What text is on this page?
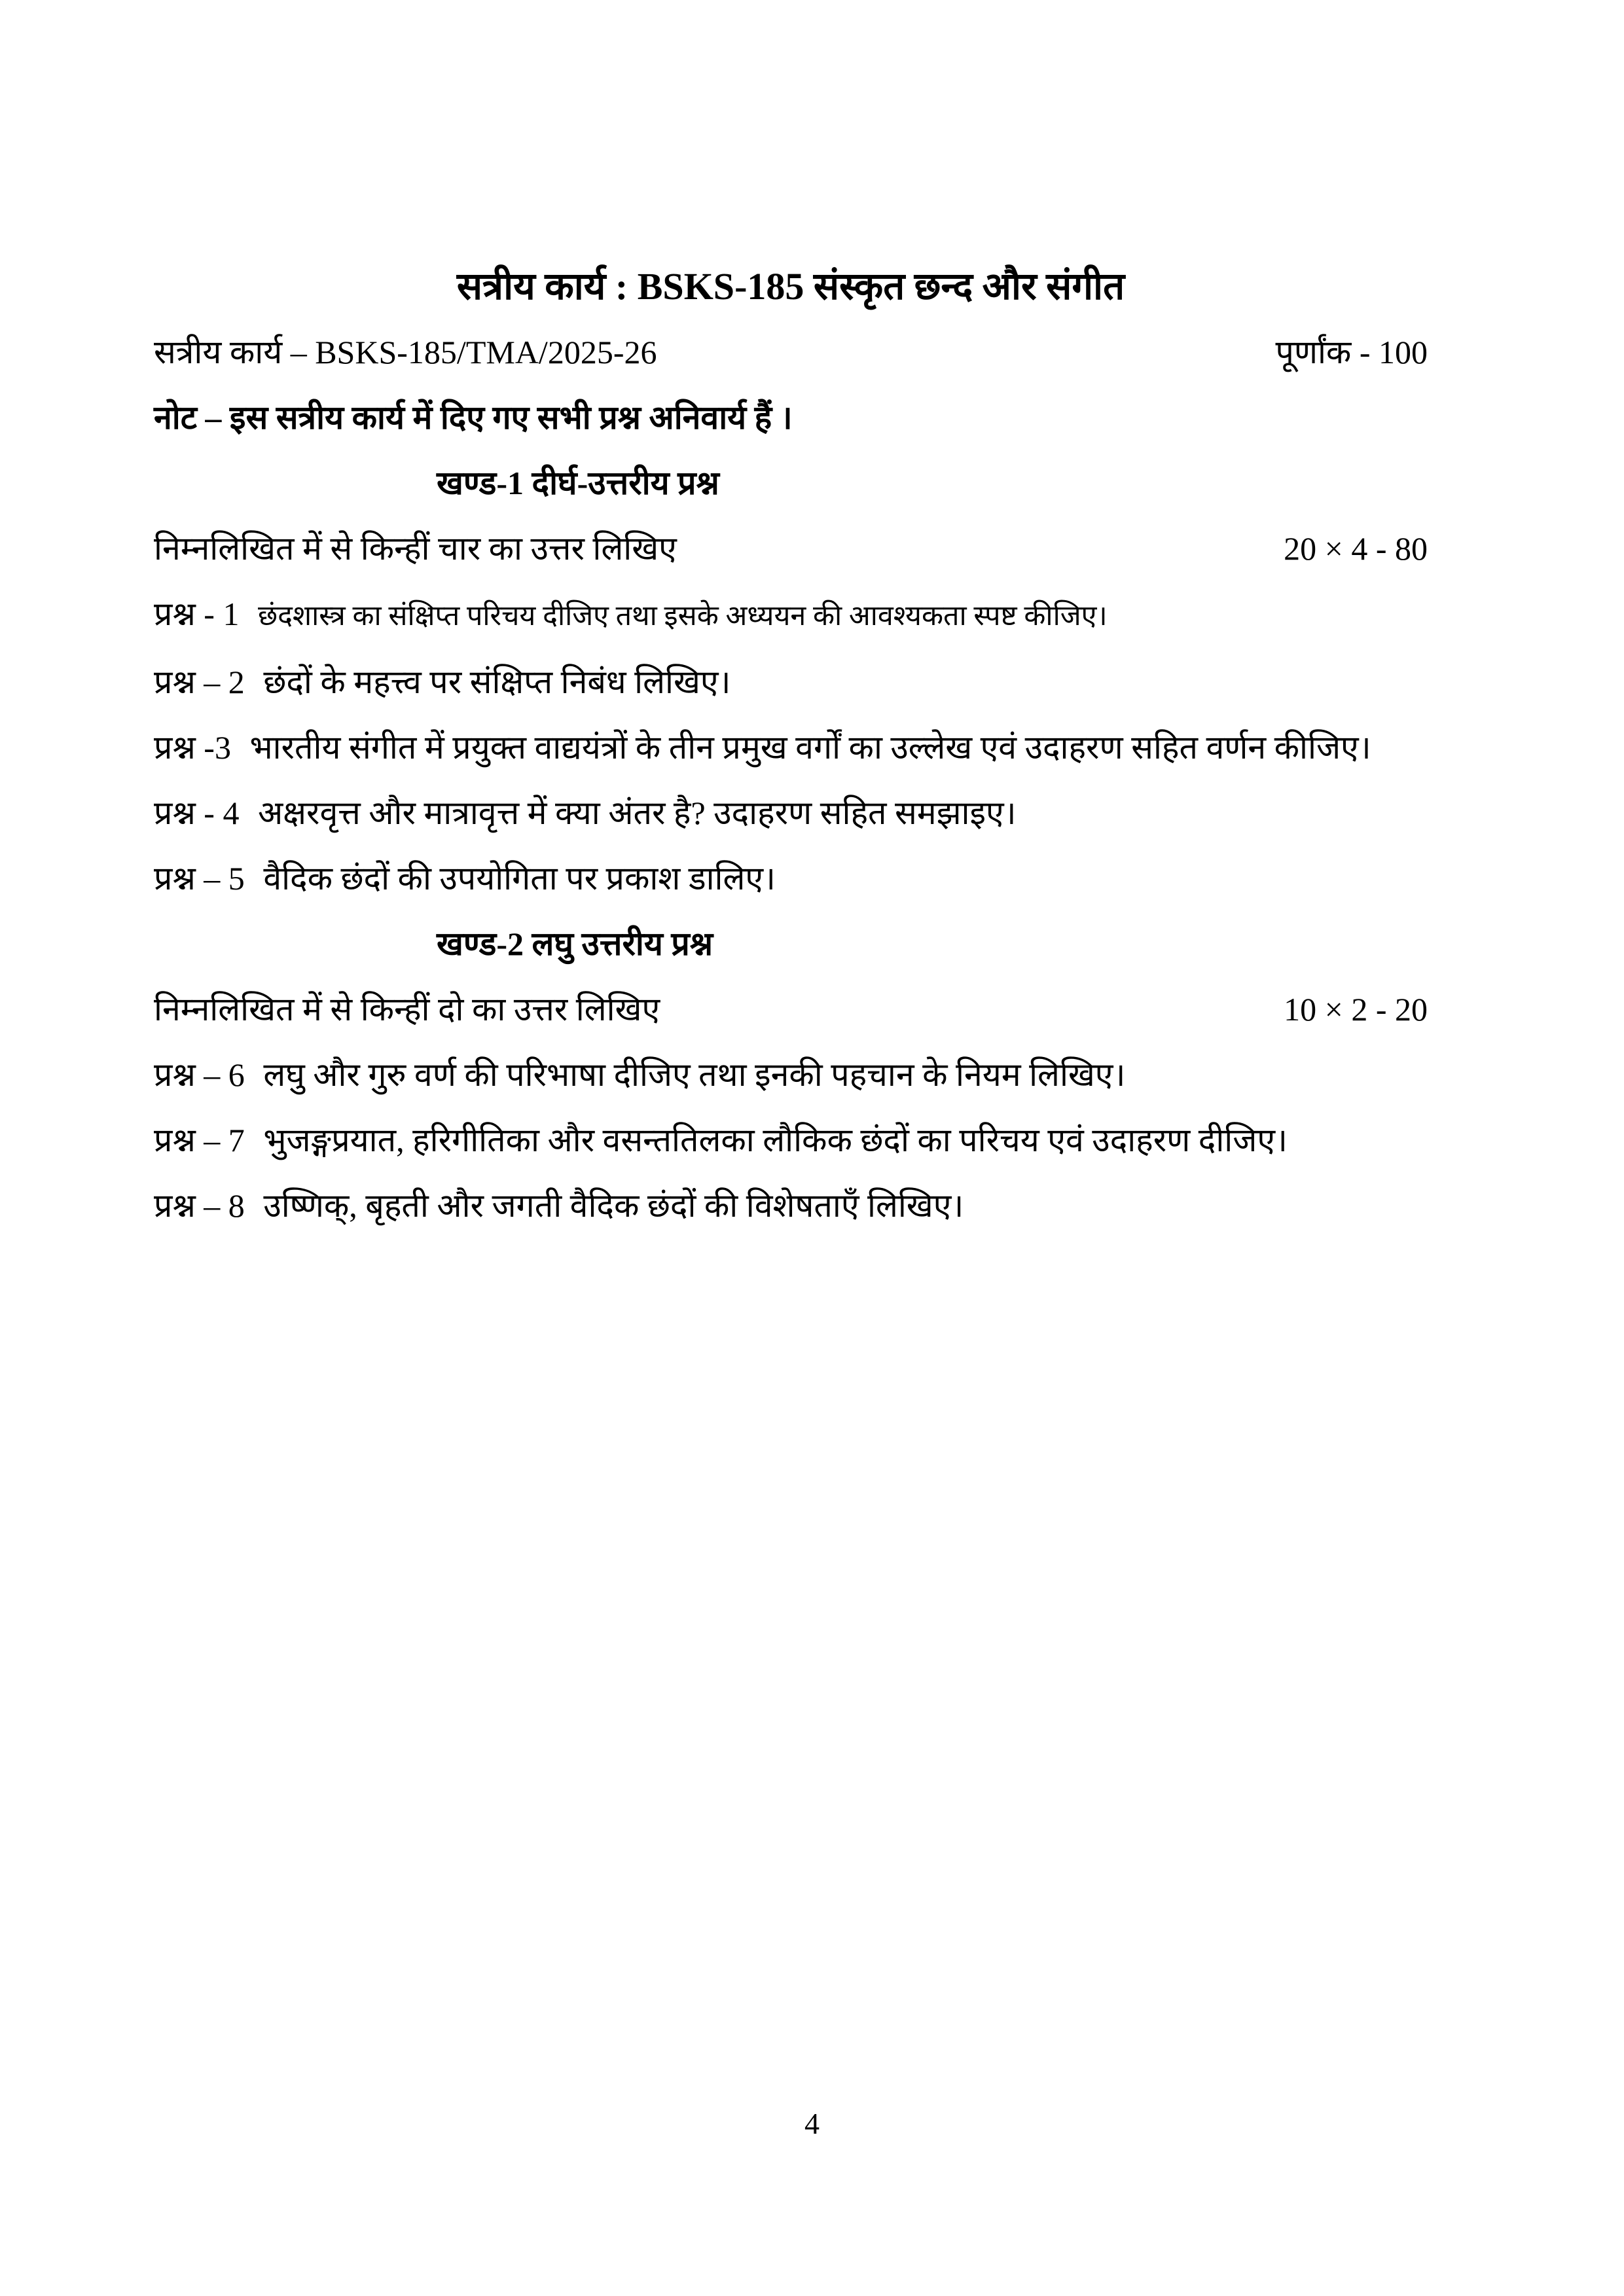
सत्रीय कार्य : BSKS-185 संस्कृत छन्द और संगीत
सत्रीय कार्य – BSKS-185/TMA/2025-26	पूर्णांक - 100
नोट – इस सत्रीय कार्य में दिए गए सभी प्रश्न अनिवार्य हैं ।
खण्ड-1 दीर्घ-उत्तरीय प्रश्न
निम्नलिखित में से किन्हीं चार का उत्तर लिखिए	20 × 4 - 80
प्रश्न - 1 छंदशास्त्र का संक्षिप्त परिचय दीजिए तथा इसके अध्ययन की आवश्यकता स्पष्ट कीजिए।
प्रश्न – 2 छंदों के महत्त्व पर संक्षिप्त निबंध लिखिए।
प्रश्न -3 भारतीय संगीत में प्रयुक्त वाद्ययंत्रों के तीन प्रमुख वर्गों का उल्लेख एवं उदाहरण सहित वर्णन कीजिए।
प्रश्न - 4 अक्षरवृत्त और मात्रावृत्त में क्या अंतर है? उदाहरण सहित समझाइए।
प्रश्न – 5 वैदिक छंदों की उपयोगिता पर प्रकाश डालिए।
खण्ड-2 लघु उत्तरीय प्रश्न
निम्नलिखित में से किन्हीं दो का उत्तर लिखिए	10 × 2 - 20
प्रश्न – 6 लघु और गुरु वर्ण की परिभाषा दीजिए तथा इनकी पहचान के नियम लिखिए।
प्रश्न – 7 भुजङ्गप्रयात, हरिगीतिका और वसन्ततिलका लौकिक छंदों का परिचय एवं उदाहरण दीजिए।
प्रश्न – 8 उष्णिक्, बृहती और जगती वैदिक छंदों की विशेषताएँ लिखिए।
4
